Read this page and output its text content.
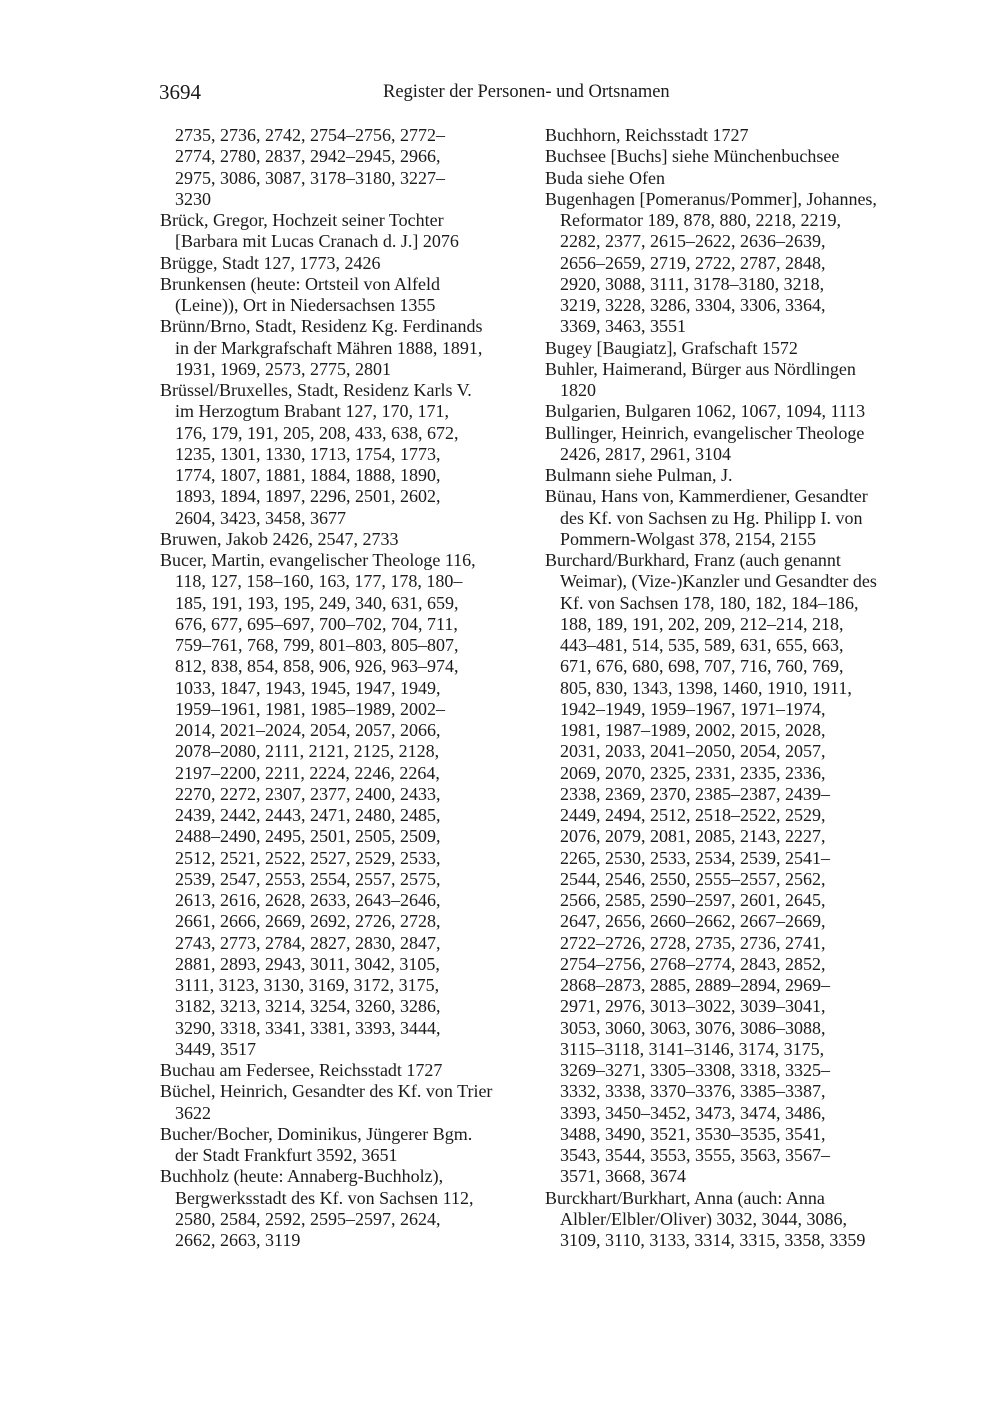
3694	Register der Personen- und Ortsnamen
2735, 2736, 2742, 2754–2756, 2772–
2774, 2780, 2837, 2942–2945, 2966,
2975, 3086, 3087, 3178–3180, 3227–
3230
Brück, Gregor, Hochzeit seiner Tochter
[Barbara mit Lucas Cranach d. J.] 2076
Brügge, Stadt 127, 1773, 2426
Brunkensen (heute: Ortsteil von Alfeld
(Leine)), Ort in Niedersachsen 1355
Brünn/Brno, Stadt, Residenz Kg. Ferdinands
in der Markgrafschaft Mähren 1888, 1891,
1931, 1969, 2573, 2775, 2801
Brüssel/Bruxelles, Stadt, Residenz Karls V.
im Herzogtum Brabant 127, 170, 171,
176, 179, 191, 205, 208, 433, 638, 672,
1235, 1301, 1330, 1713, 1754, 1773,
1774, 1807, 1881, 1884, 1888, 1890,
1893, 1894, 1897, 2296, 2501, 2602,
2604, 3423, 3458, 3677
Bruwen, Jakob 2426, 2547, 2733
Bucer, Martin, evangelischer Theologe 116,
118, 127, 158–160, 163, 177, 178, 180–
185, 191, 193, 195, 249, 340, 631, 659,
676, 677, 695–697, 700–702, 704, 711,
759–761, 768, 799, 801–803, 805–807,
812, 838, 854, 858, 906, 926, 963–974,
1033, 1847, 1943, 1945, 1947, 1949,
1959–1961, 1981, 1985–1989, 2002–
2014, 2021–2024, 2054, 2057, 2066,
2078–2080, 2111, 2121, 2125, 2128,
2197–2200, 2211, 2224, 2246, 2264,
2270, 2272, 2307, 2377, 2400, 2433,
2439, 2442, 2443, 2471, 2480, 2485,
2488–2490, 2495, 2501, 2505, 2509,
2512, 2521, 2522, 2527, 2529, 2533,
2539, 2547, 2553, 2554, 2557, 2575,
2613, 2616, 2628, 2633, 2643–2646,
2661, 2666, 2669, 2692, 2726, 2728,
2743, 2773, 2784, 2827, 2830, 2847,
2881, 2893, 2943, 3011, 3042, 3105,
3111, 3123, 3130, 3169, 3172, 3175,
3182, 3213, 3214, 3254, 3260, 3286,
3290, 3318, 3341, 3381, 3393, 3444,
3449, 3517
Buchau am Federsee, Reichsstadt 1727
Büchel, Heinrich, Gesandter des Kf. von Trier
3622
Bucher/Bocher, Dominikus, Jüngerer Bgm.
der Stadt Frankfurt 3592, 3651
Buchholz (heute: Annaberg-Buchholz),
Bergwerksstadt des Kf. von Sachsen 112,
2580, 2584, 2592, 2595–2597, 2624,
2662, 2663, 3119
Buchhorn, Reichsstadt 1727
Buchsee [Buchs] siehe Münchenbuchsee
Buda siehe Ofen
Bugenhagen [Pomeranus/Pommer], Johannes,
Reformator 189, 878, 880, 2218, 2219,
2282, 2377, 2615–2622, 2636–2639,
2656–2659, 2719, 2722, 2787, 2848,
2920, 3088, 3111, 3178–3180, 3218,
3219, 3228, 3286, 3304, 3306, 3364,
3369, 3463, 3551
Bugey [Baugiatz], Grafschaft 1572
Buhler, Haimerand, Bürger aus Nördlingen
1820
Bulgarien, Bulgaren 1062, 1067, 1094, 1113
Bullinger, Heinrich, evangelischer Theologe
2426, 2817, 2961, 3104
Bulmann siehe Pulman, J.
Bünau, Hans von, Kammerdiener, Gesandter
des Kf. von Sachsen zu Hg. Philipp I. von
Pommern-Wolgast 378, 2154, 2155
Burchard/Burkhard, Franz (auch genannt
Weimar), (Vize-)Kanzler und Gesandter des
Kf. von Sachsen 178, 180, 182, 184–186,
188, 189, 191, 202, 209, 212–214, 218,
443–481, 514, 535, 589, 631, 655, 663,
671, 676, 680, 698, 707, 716, 760, 769,
805, 830, 1343, 1398, 1460, 1910, 1911,
1942–1949, 1959–1967, 1971–1974,
1981, 1987–1989, 2002, 2015, 2028,
2031, 2033, 2041–2050, 2054, 2057,
2069, 2070, 2325, 2331, 2335, 2336,
2338, 2369, 2370, 2385–2387, 2439–
2449, 2494, 2512, 2518–2522, 2529,
2076, 2079, 2081, 2085, 2143, 2227,
2265, 2530, 2533, 2534, 2539, 2541–
2544, 2546, 2550, 2555–2557, 2562,
2566, 2585, 2590–2597, 2601, 2645,
2647, 2656, 2660–2662, 2667–2669,
2722–2726, 2728, 2735, 2736, 2741,
2754–2756, 2768–2774, 2843, 2852,
2868–2873, 2885, 2889–2894, 2969–
2971, 2976, 3013–3022, 3039–3041,
3053, 3060, 3063, 3076, 3086–3088,
3115–3118, 3141–3146, 3174, 3175,
3269–3271, 3305–3308, 3318, 3325–
3332, 3338, 3370–3376, 3385–3387,
3393, 3450–3452, 3473, 3474, 3486,
3488, 3490, 3521, 3530–3535, 3541,
3543, 3544, 3553, 3555, 3563, 3567–
3571, 3668, 3674
Burckhart/Burkhart, Anna (auch: Anna
Albler/Elbler/Oliver) 3032, 3044, 3086,
3109, 3110, 3133, 3314, 3315, 3358, 3359
